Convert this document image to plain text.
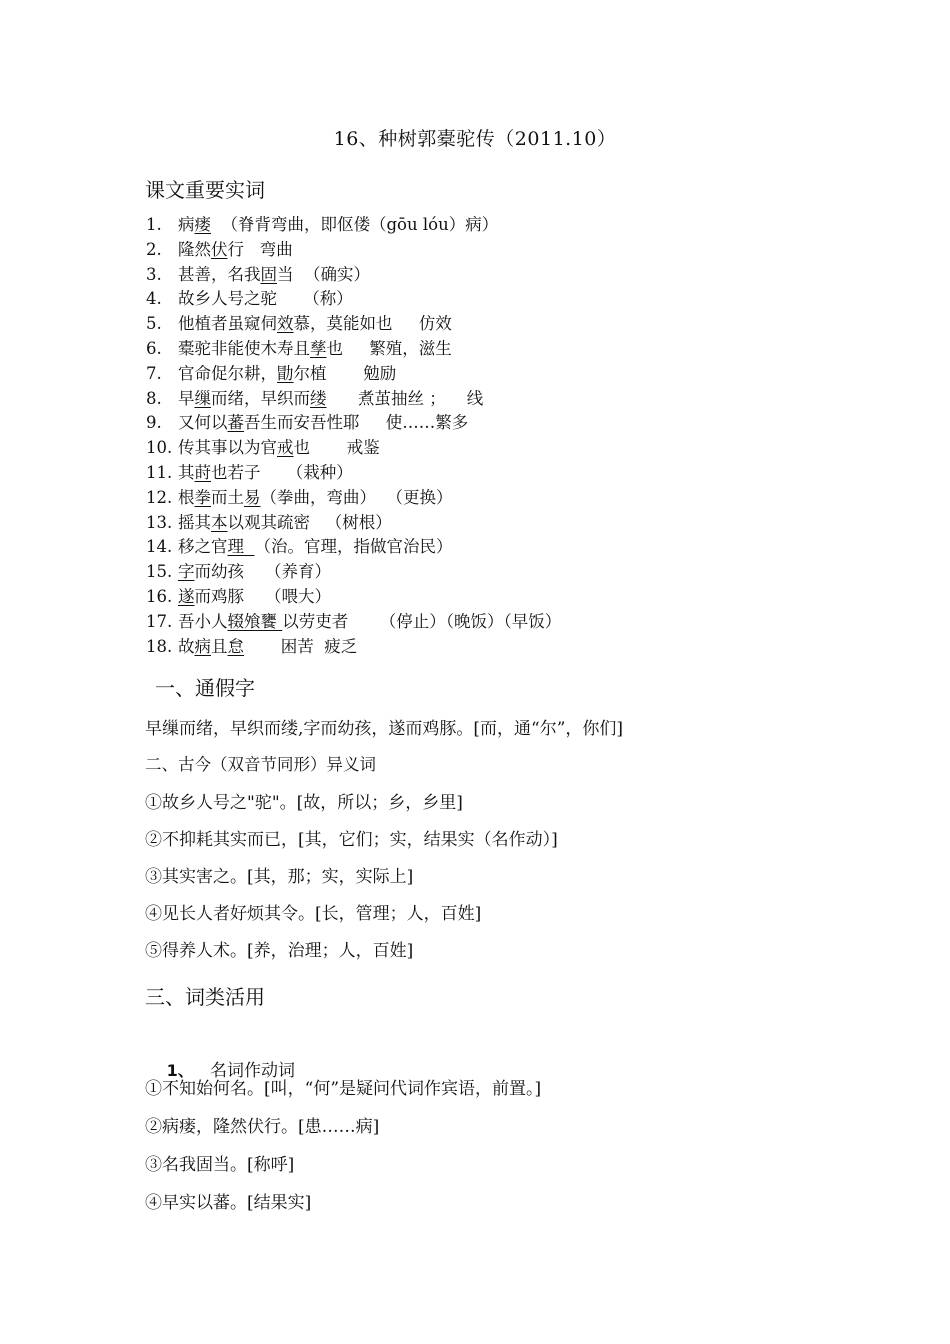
16、种树郭橐驼传（2011.10）
课文重要实词
1. 病瘘  （脊背弯曲，即伛偻（gōu lóu）病）
2. 隆然伏行   弯曲
3. 甚善，名我固当  （确实）
4. 故乡人号之驼     （称）
5. 他植者虽窥伺效慕，莫能如也     仿效
6. 橐驼非能使木寿且孳也     繁殖，滋生
7. 官命促尔耕，勖尔植       勉励
8. 早缫而绪，早织而缕      煮茧抽丝 ；    线
9. 又何以蕃吾生而安吾性耶     使……繁多
10. 传其事以为官戒也       戒鉴
11. 其莳也若子     （栽种）
12. 根拳而土易（拳曲，弯曲）  （更换）
13. 摇其本以观其疏密   （树根）
14. 移之官理  （治。官理，指做官治民）
15. 字而幼孩    （养育）
16. 遂而鸡豚    （喂大）
17. 吾小人辍飧饔 以劳吏者      （停止）（晚饭）（早饭）
18. 故病且怠       困苦  疲乏
一、通假字
早缫而绪，早织而缕,字而幼孩，遂而鸡豚。[而，通“尔”，你们]
二、古今（双音节同形）异义词
①故乡人号之"驼"。[故，所以；乡，乡里]
②不抑耗其实而已，[其，它们；实，结果实（名作动）]
③其实害之。[其，那；实，实际上]
④见长人者好烦其令。[长，管理；人，百姓]
⑤得养人术。[养，治理；人，百姓]
三、词类活用

1、 名词作动词

①不知始何名。[叫，“何”是疑问代词作宾语，前置。]
②病瘘，隆然伏行。[患……病]
③名我固当。[称呼]
④早实以蕃。[结果实]
